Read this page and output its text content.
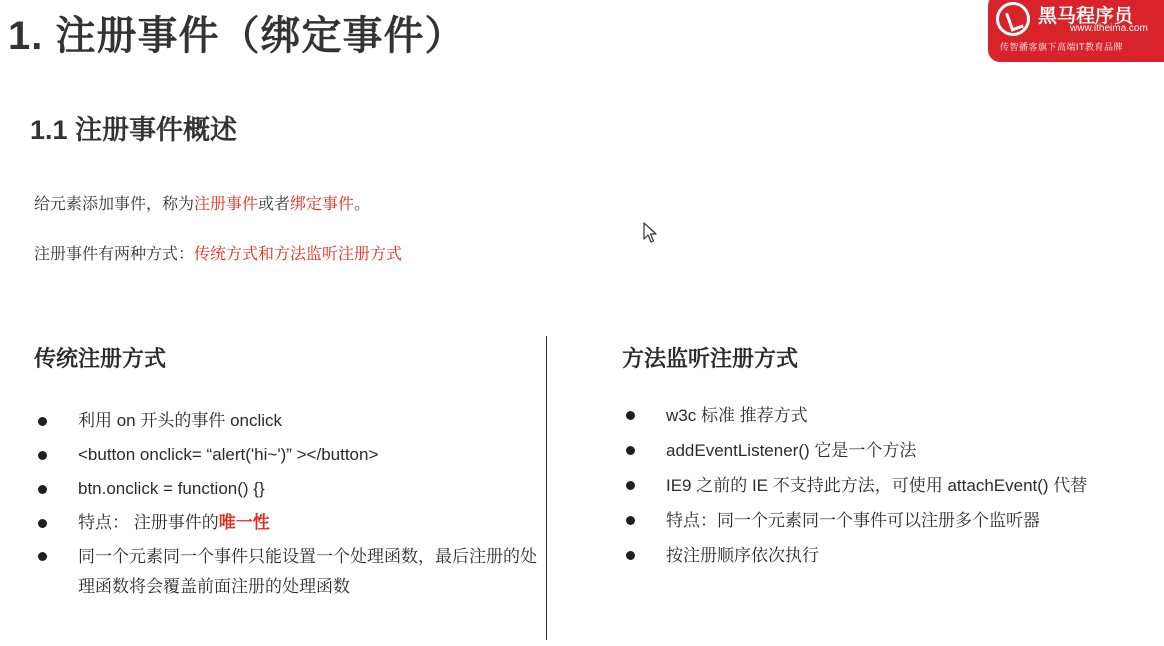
1. 注册事件（绑定事件）	黑马程序员
www.itheima.com
传智播客旗下高端IT教育品牌
1.1 注册事件概述
给元素添加事件，称为注册事件或者绑定事件。
注册事件有两种方式：传统方式和方法监听注册方式
传统注册方式
利用 on 开头的事件 onclick
<button onclick= “alert('hi~')” ></button>
btn.onclick = function() {}
特点： 注册事件的唯一性
同一个元素同一个事件只能设置一个处理函数，最后注册的处理函数将会覆盖前面注册的处理函数
方法监听注册方式
w3c 标准 推荐方式
addEventListener() 它是一个方法
IE9 之前的 IE 不支持此方法，可使用 attachEvent() 代替
特点：同一个元素同一个事件可以注册多个监听器
按注册顺序依次执行
